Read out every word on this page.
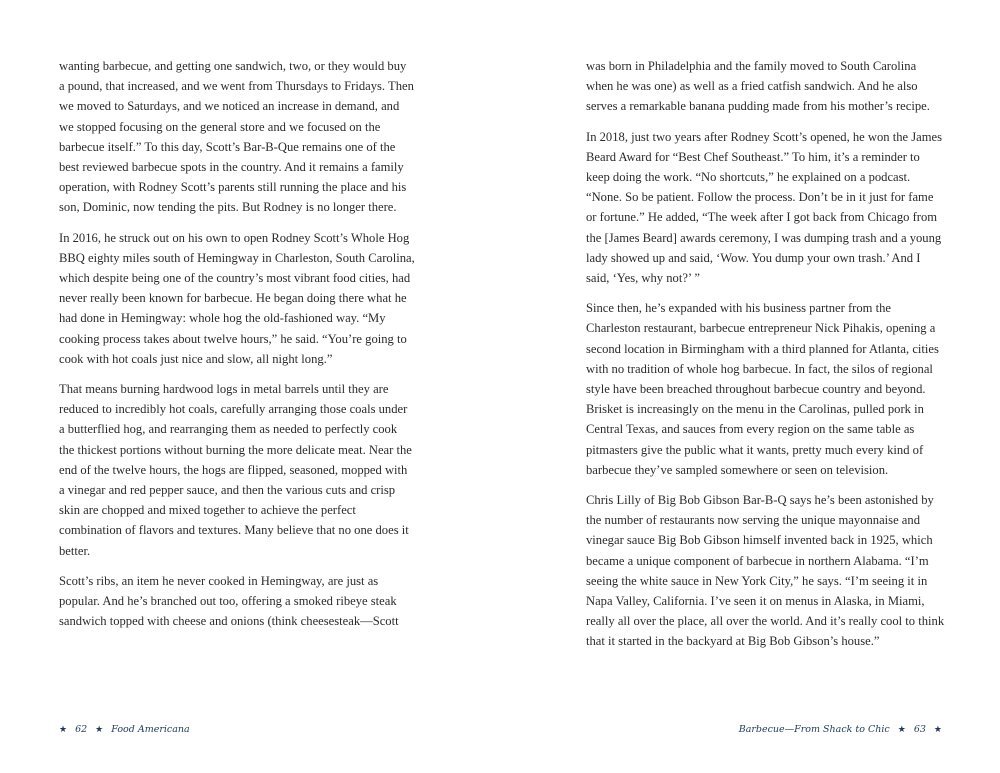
wanting barbecue, and getting one sandwich, two, or they would buy a pound, that increased, and we went from Thursdays to Fridays. Then we moved to Saturdays, and we noticed an increase in demand, and we stopped focusing on the general store and we focused on the barbecue itself.” To this day, Scott’s Bar-B-Que remains one of the best reviewed barbecue spots in the country. And it remains a family operation, with Rodney Scott’s parents still running the place and his son, Dominic, now tending the pits. But Rodney is no longer there.

In 2016, he struck out on his own to open Rodney Scott’s Whole Hog BBQ eighty miles south of Hemingway in Charleston, South Carolina, which despite being one of the country’s most vibrant food cities, had never really been known for barbecue. He began doing there what he had done in Hemingway: whole hog the old-fashioned way. “My cooking process takes about twelve hours,” he said. “You’re going to cook with hot coals just nice and slow, all night long.”

That means burning hardwood logs in metal barrels until they are reduced to incredibly hot coals, carefully arranging those coals under a butterflied hog, and rearranging them as needed to perfectly cook the thickest portions without burning the more delicate meat. Near the end of the twelve hours, the hogs are flipped, seasoned, mopped with a vinegar and red pepper sauce, and then the various cuts and crisp skin are chopped and mixed together to achieve the perfect combination of flavors and textures. Many believe that no one does it better.

Scott’s ribs, an item he never cooked in Hemingway, are just as popular. And he’s branched out too, offering a smoked ribeye steak sandwich topped with cheese and onions (think cheesesteak—Scott

was born in Philadelphia and the family moved to South Carolina when he was one) as well as a fried catfish sandwich. And he also serves a remarkable banana pudding made from his mother’s recipe.

In 2018, just two years after Rodney Scott’s opened, he won the James Beard Award for “Best Chef Southeast.” To him, it’s a reminder to keep doing the work. “No shortcuts,” he explained on a podcast. “None. So be patient. Follow the process. Don’t be in it just for fame or fortune.” He added, “The week after I got back from Chicago from the [James Beard] awards ceremony, I was dumping trash and a young lady showed up and said, ‘Wow. You dump your own trash.’ And I said, ‘Yes, why not?’ ”

Since then, he’s expanded with his business partner from the Charleston restaurant, barbecue entrepreneur Nick Pihakis, opening a second location in Birmingham with a third planned for Atlanta, cities with no tradition of whole hog barbecue. In fact, the silos of regional style have been breached throughout barbecue country and beyond. Brisket is increasingly on the menu in the Carolinas, pulled pork in Central Texas, and sauces from every region on the same table as pitmasters give the public what it wants, pretty much every kind of barbecue they’ve sampled somewhere or seen on television.

Chris Lilly of Big Bob Gibson Bar-B-Q says he’s been astonished by the number of restaurants now serving the unique mayonnaise and vinegar sauce Big Bob Gibson himself invented back in 1925, which became a unique component of barbecue in northern Alabama. “I’m seeing the white sauce in New York City,” he says. “I’m seeing it in Napa Valley, California. I’ve seen it on menus in Alaska, in Miami, really all over the place, all over the world. And it’s really cool to think that it started in the backyard at Big Bob Gibson’s house.”

★ 62 ★ Food Americana	Barbecue—From Shack to Chic ★ 63 ★
